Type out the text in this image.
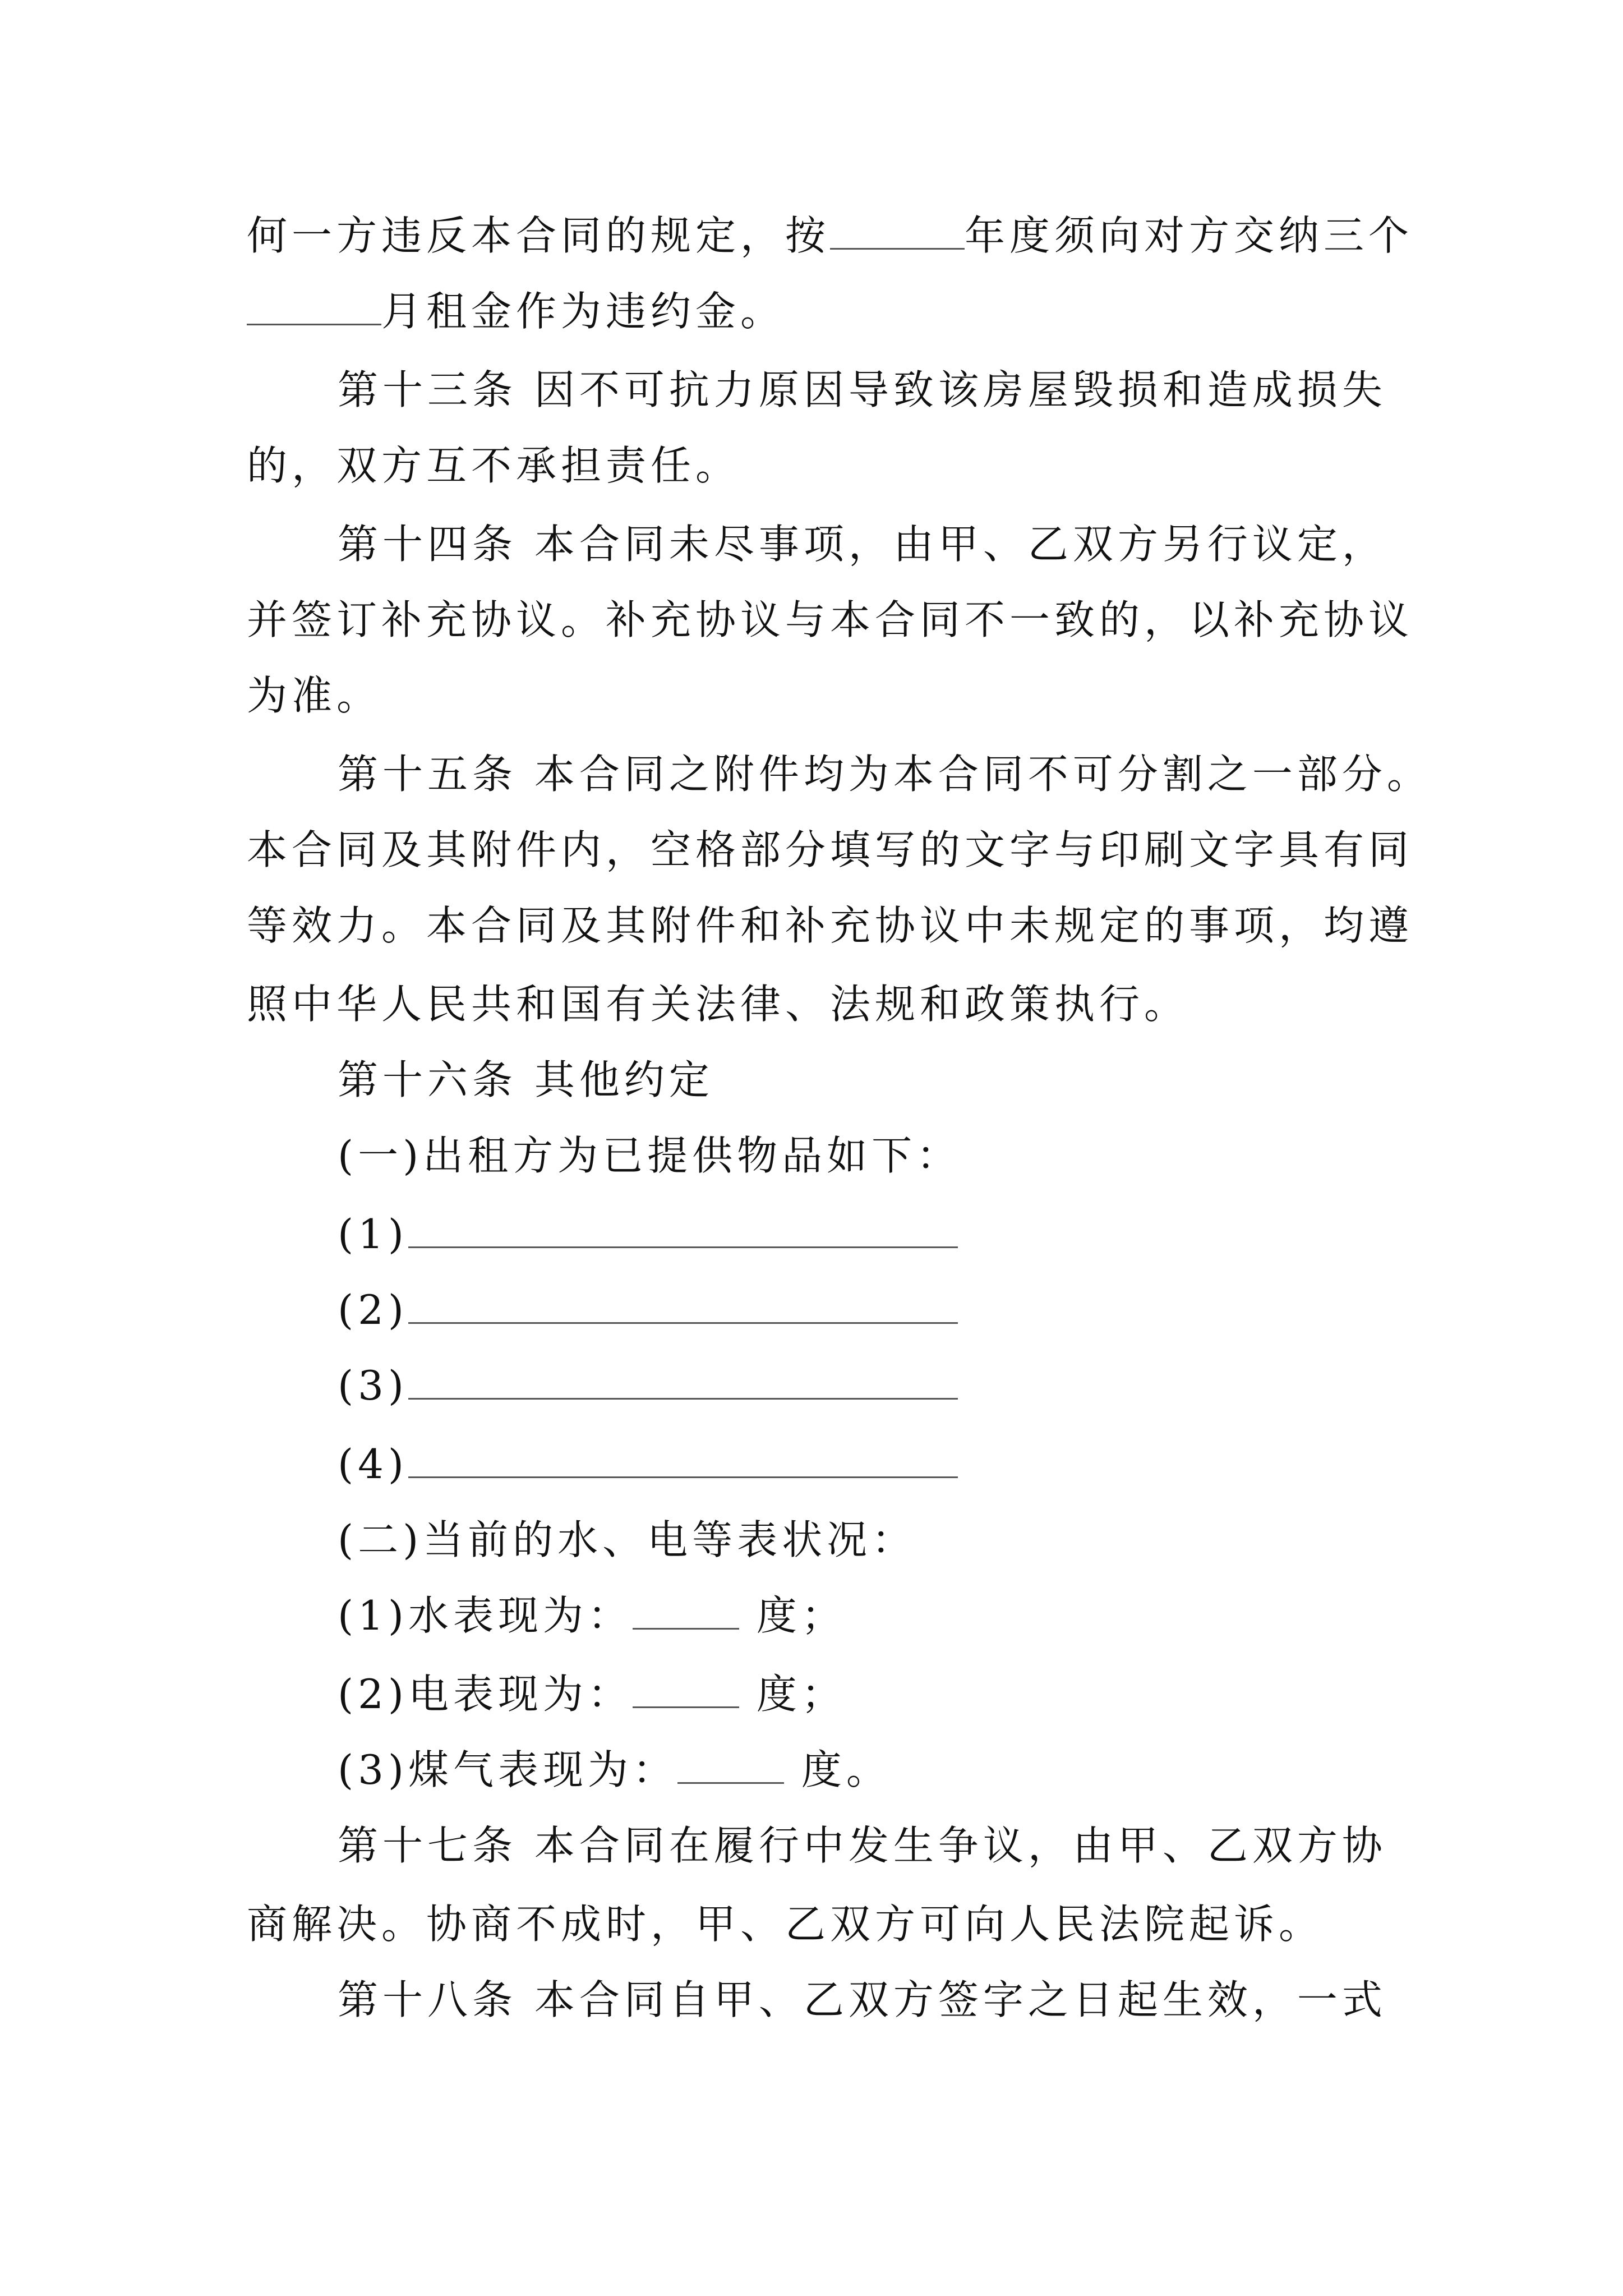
何一方违反本合同的规定，按	年度须向对方交纳三个
月租金作为违约金。
第十三条 因不可抗力原因导致该房屋毁损和造成损失
的，双方互不承担责任。
第十四条 本合同未尽事项，由甲、乙双方另行议定，
并签订补充协议。补充协议与本合同不一致的，以补充协议
为准。
第十五条 本合同之附件均为本合同不可分割之一部分。
本合同及其附件内，空格部分填写的文字与印刷文字具有同
等效力。本合同及其附件和补充协议中未规定的事项，均遵
照中华人民共和国有关法律、法规和政策执行。
第十六条 其他约定
(一)出租方为已提供物品如下：
(1)
(2)
(3)
(4)
(二)当前的水、电等表状况：
(1)水表现为：	度；
(2)电表现为：	度；
(3)煤气表现为：	度。
第十七条 本合同在履行中发生争议，由甲、乙双方协
商解决。协商不成时，甲、乙双方可向人民法院起诉。
第十八条 本合同自甲、乙双方签字之日起生效，一式
